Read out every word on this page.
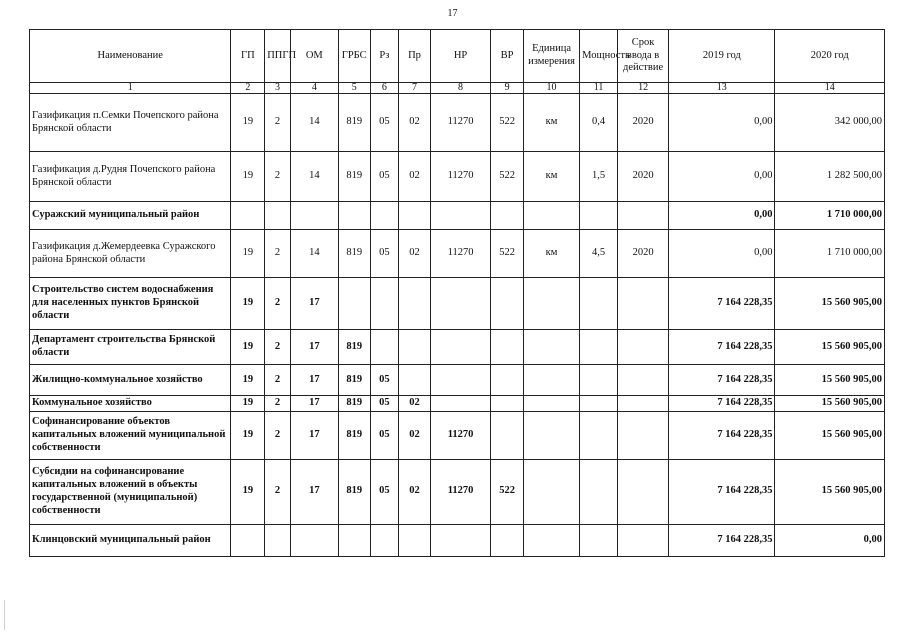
17
Наименование	ГП	ППГП	ОМ	ГРБС	Рз	Пр	НР	ВР	Единица измерения	Мощность	Срок ввода в действие	2019 год	2020 год
1	2	3	4	5	6	7	8	9	10	11	12	13	14
Газификация п.Семки Почепского района Брянской области	19	2	14	819	05	02	11270	522	км	0,4	2020	0,00	342 000,00
Газификация д.Рудня Почепского района Брянской области	19	2	14	819	05	02	11270	522	км	1,5	2020	0,00	1 282 500,00
Суражский муниципальный район												0,00	1 710 000,00
Газификация д.Жемердеевка Суражского района Брянской области	19	2	14	819	05	02	11270	522	км	4,5	2020	0,00	1 710 000,00
Строительство систем водоснабжения для населенных пунктов Брянской области	19	2	17									7 164 228,35	15 560 905,00
Департамент строительства Брянской области	19	2	17	819								7 164 228,35	15 560 905,00
Жилищно-коммунальное хозяйство	19	2	17	819	05							7 164 228,35	15 560 905,00
Коммунальное хозяйство	19	2	17	819	05	02						7 164 228,35	15 560 905,00
Софинансирование объектов капитальных вложений муниципальной собственности	19	2	17	819	05	02	11270					7 164 228,35	15 560 905,00
Субсидии на софинансирование капитальных вложений в объекты государственной (муниципальной) собственности	19	2	17	819	05	02	11270	522				7 164 228,35	15 560 905,00
Клинцовский муниципальный район												7 164 228,35	0,00
